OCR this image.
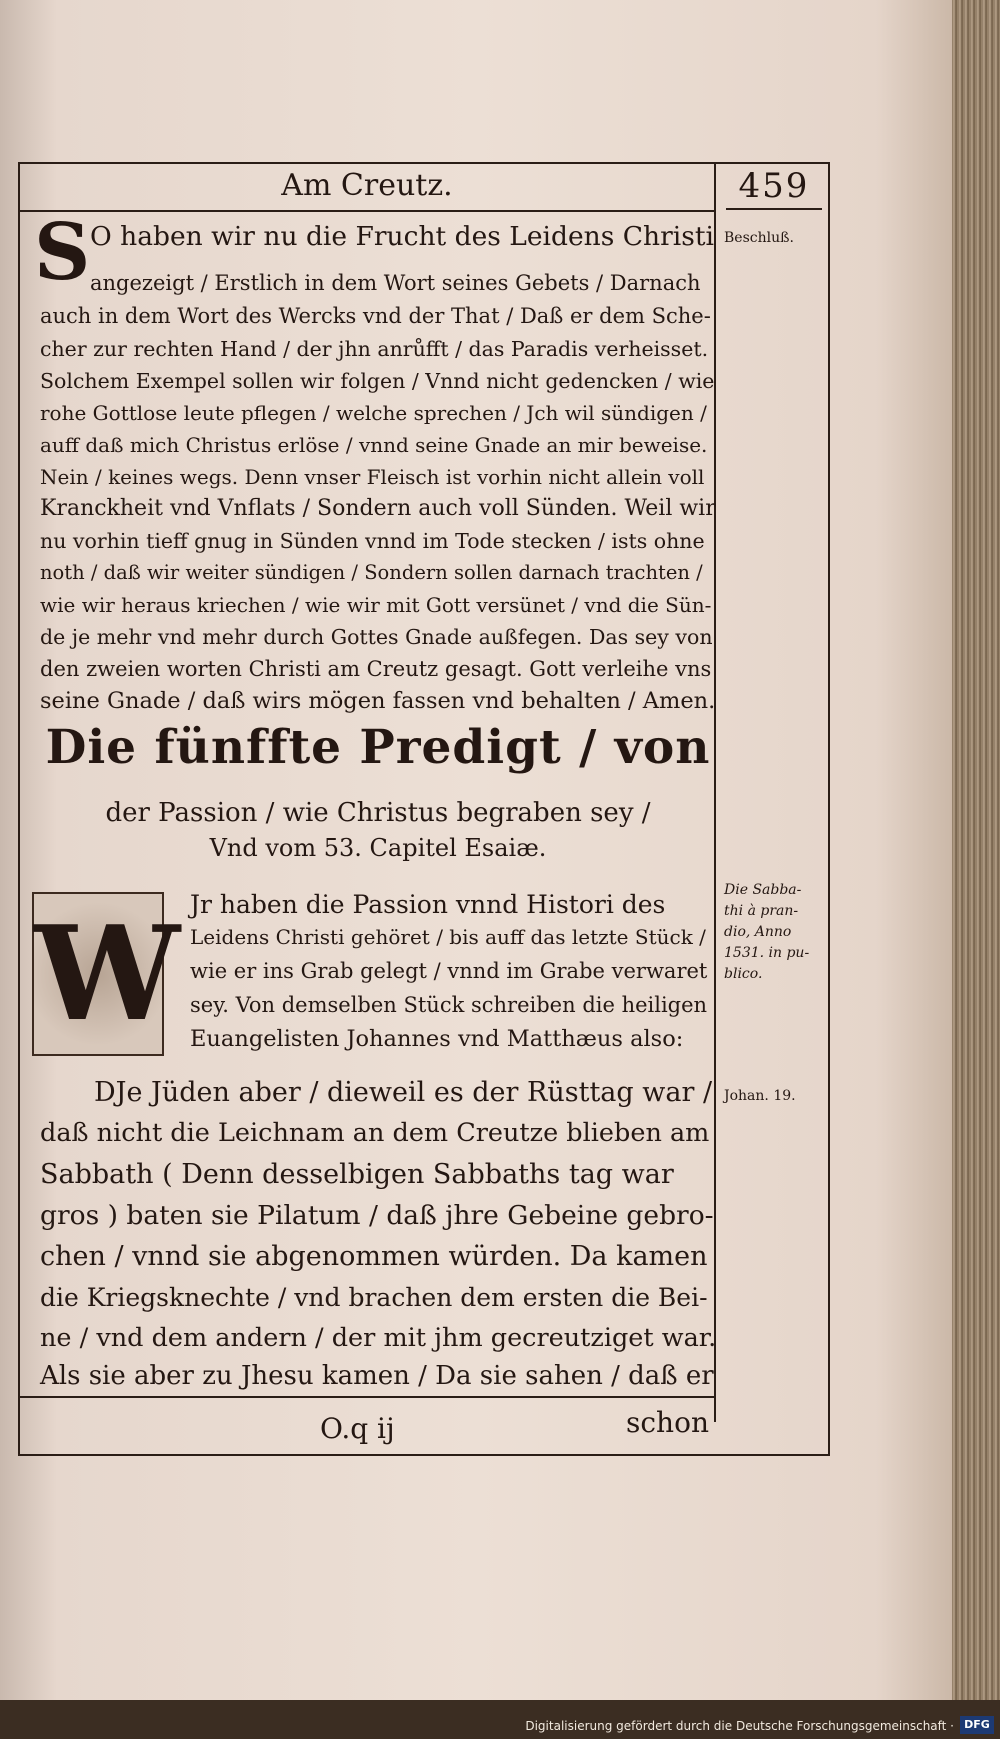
Am Creutz.	459
Beschluß.
Die Sabba-
thi à pran-
dio, Anno
1531. in pu-
blico.
Johan. 19.
S O haben wir nu die Frucht des Leidens Christi
angezeigt / Erstlich in dem Wort seines Gebets / Darnach
auch in dem Wort des Wercks vnd der That / Daß er dem Sche-
cher zur rechten Hand / der jhn anrůfft / das Paradis verheisset.
Solchem Exempel sollen wir folgen / Vnnd nicht gedencken / wie
rohe Gottlose leute pflegen / welche sprechen / Jch wil sündigen /
auff daß mich Christus erlöse / vnnd seine Gnade an mir beweise.
Nein / keines wegs. Denn vnser Fleisch ist vorhin nicht allein voll
Kranckheit vnd Vnflats / Sondern auch voll Sünden. Weil wir
nu vorhin tieff gnug in Sünden vnnd im Tode stecken / ists ohne
noth / daß wir weiter sündigen / Sondern sollen darnach trachten /
wie wir heraus kriechen / wie wir mit Gott versünet / vnd die Sün-
de je mehr vnd mehr durch Gottes Gnade außfegen. Das sey von
den zweien worten Christi am Creutz gesagt. Gott verleihe vns
seine Gnade / daß wirs mögen fassen vnd behalten / Amen.
Die fünffte Predigt / von
der Passion / wie Christus begraben sey /
Vnd vom 53. Capitel Esaiæ.
W Jr haben die Passion vnnd Histori des
Leidens Christi gehöret / bis auff das letzte Stück /
wie er ins Grab gelegt / vnnd im Grabe verwaret
sey. Von demselben Stück schreiben die heiligen
Euangelisten Johannes vnd Matthæus also:
DJe Jüden aber / dieweil es der Rüsttag war /
daß nicht die Leichnam an dem Creutze blieben am
Sabbath ( Denn desselbigen Sabbaths tag war
gros ) baten sie Pilatum / daß jhre Gebeine gebro-
chen / vnnd sie abgenommen würden. Da kamen
die Kriegsknechte / vnd brachen dem ersten die Bei-
ne / vnd dem andern / der mit jhm gecreutziget war.
Als sie aber zu Jhesu kamen / Da sie sahen / daß er
O.q ij	schon
Digitalisierung gefördert durch die Deutsche Forschungsgemeinschaft · DFG
